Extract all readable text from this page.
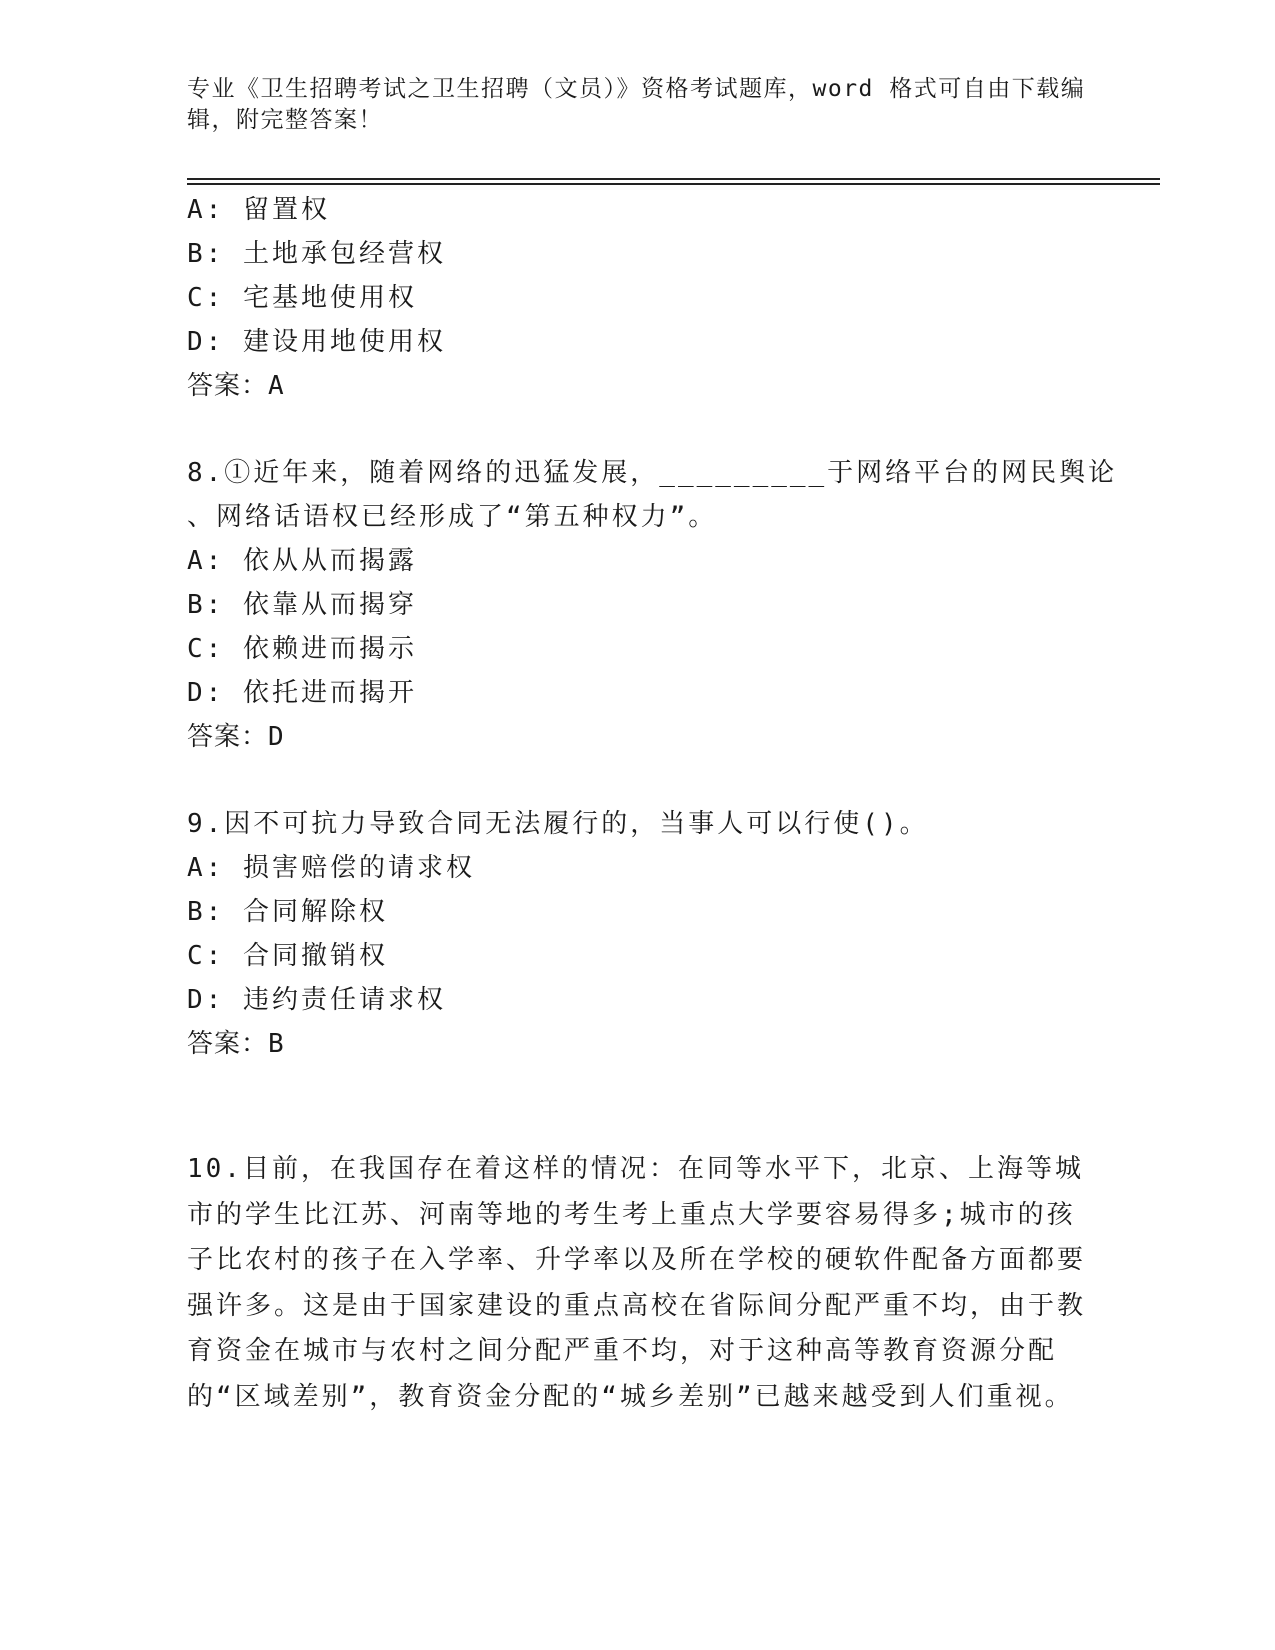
专业《卫生招聘考试之卫生招聘（文员）》资格考试题库，word 格式可自由下载编辑，附完整答案！
A: 留置权
B: 土地承包经营权
C: 宅基地使用权
D: 建设用地使用权
答案：A
8.①近年来，随着网络的迅猛发展，_________于网络平台的网民舆论
、网络话语权已经形成了“第五种权力”。
A: 依从从而揭露
B: 依靠从而揭穿
C: 依赖进而揭示
D: 依托进而揭开
答案：D
9.因不可抗力导致合同无法履行的，当事人可以行使()。
A: 损害赔偿的请求权
B: 合同解除权
C: 合同撤销权
D: 违约责任请求权
答案：B
10.目前，在我国存在着这样的情况：在同等水平下，北京、上海等城市的学生比江苏、河南等地的考生考上重点大学要容易得多;城市的孩子比农村的孩子在入学率、升学率以及所在学校的硬软件配备方面都要强许多。这是由于国家建设的重点高校在省际间分配严重不均，由于教育资金在城市与农村之间分配严重不均，对于这种高等教育资源分配的“区域差别”，教育资金分配的“城乡差别”已越来越受到人们重视。
